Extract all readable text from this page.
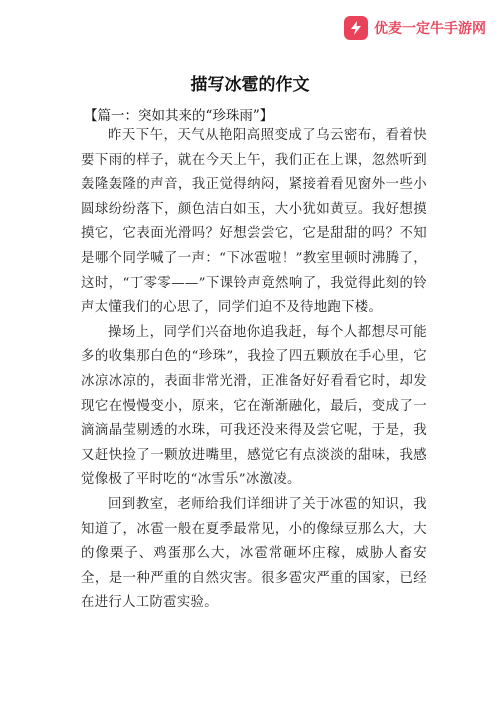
优麦一定牛手游网
描写冰雹的作文
【篇一：突如其来的“珍珠雨”】

昨天下午，天气从艳阳高照变成了乌云密布，看着快要下雨的样子，就在今天上午，我们正在上课，忽然听到轰隆轰隆的声音，我正觉得纳闷，紧接着看见窗外一些小圆球纷纷落下，颜色洁白如玉，大小犹如黄豆。我好想摸摸它，它表面光滑吗？好想尝尝它，它是甜甜的吗？不知是哪个同学喊了一声：“下冰雹啦！”教室里顿时沸腾了，这时，“丁零零——”下课铃声竟然响了，我觉得此刻的铃声太懂我们的心思了，同学们迫不及待地跑下楼。

操场上，同学们兴奋地你追我赶，每个人都想尽可能多的收集那白色的“珍珠”，我捡了四五颗放在手心里，它冰凉冰凉的，表面非常光滑，正准备好好看看它时，却发现它在慢慢变小，原来，它在渐渐融化，最后，变成了一滴滴晶莹剔透的水珠，可我还没来得及尝它呢，于是，我又赶快捡了一颗放进嘴里，感觉它有点淡淡的甜味，我感觉像极了平时吃的“冰雪乐”冰激凌。

回到教室，老师给我们详细讲了关于冰雹的知识，我知道了，冰雹一般在夏季最常见，小的像绿豆那么大，大的像栗子、鸡蛋那么大，冰雹常砸坏庄稼，威胁人畜安全，是一种严重的自然灾害。很多雹灾严重的国家，已经在进行人工防雹实验。
